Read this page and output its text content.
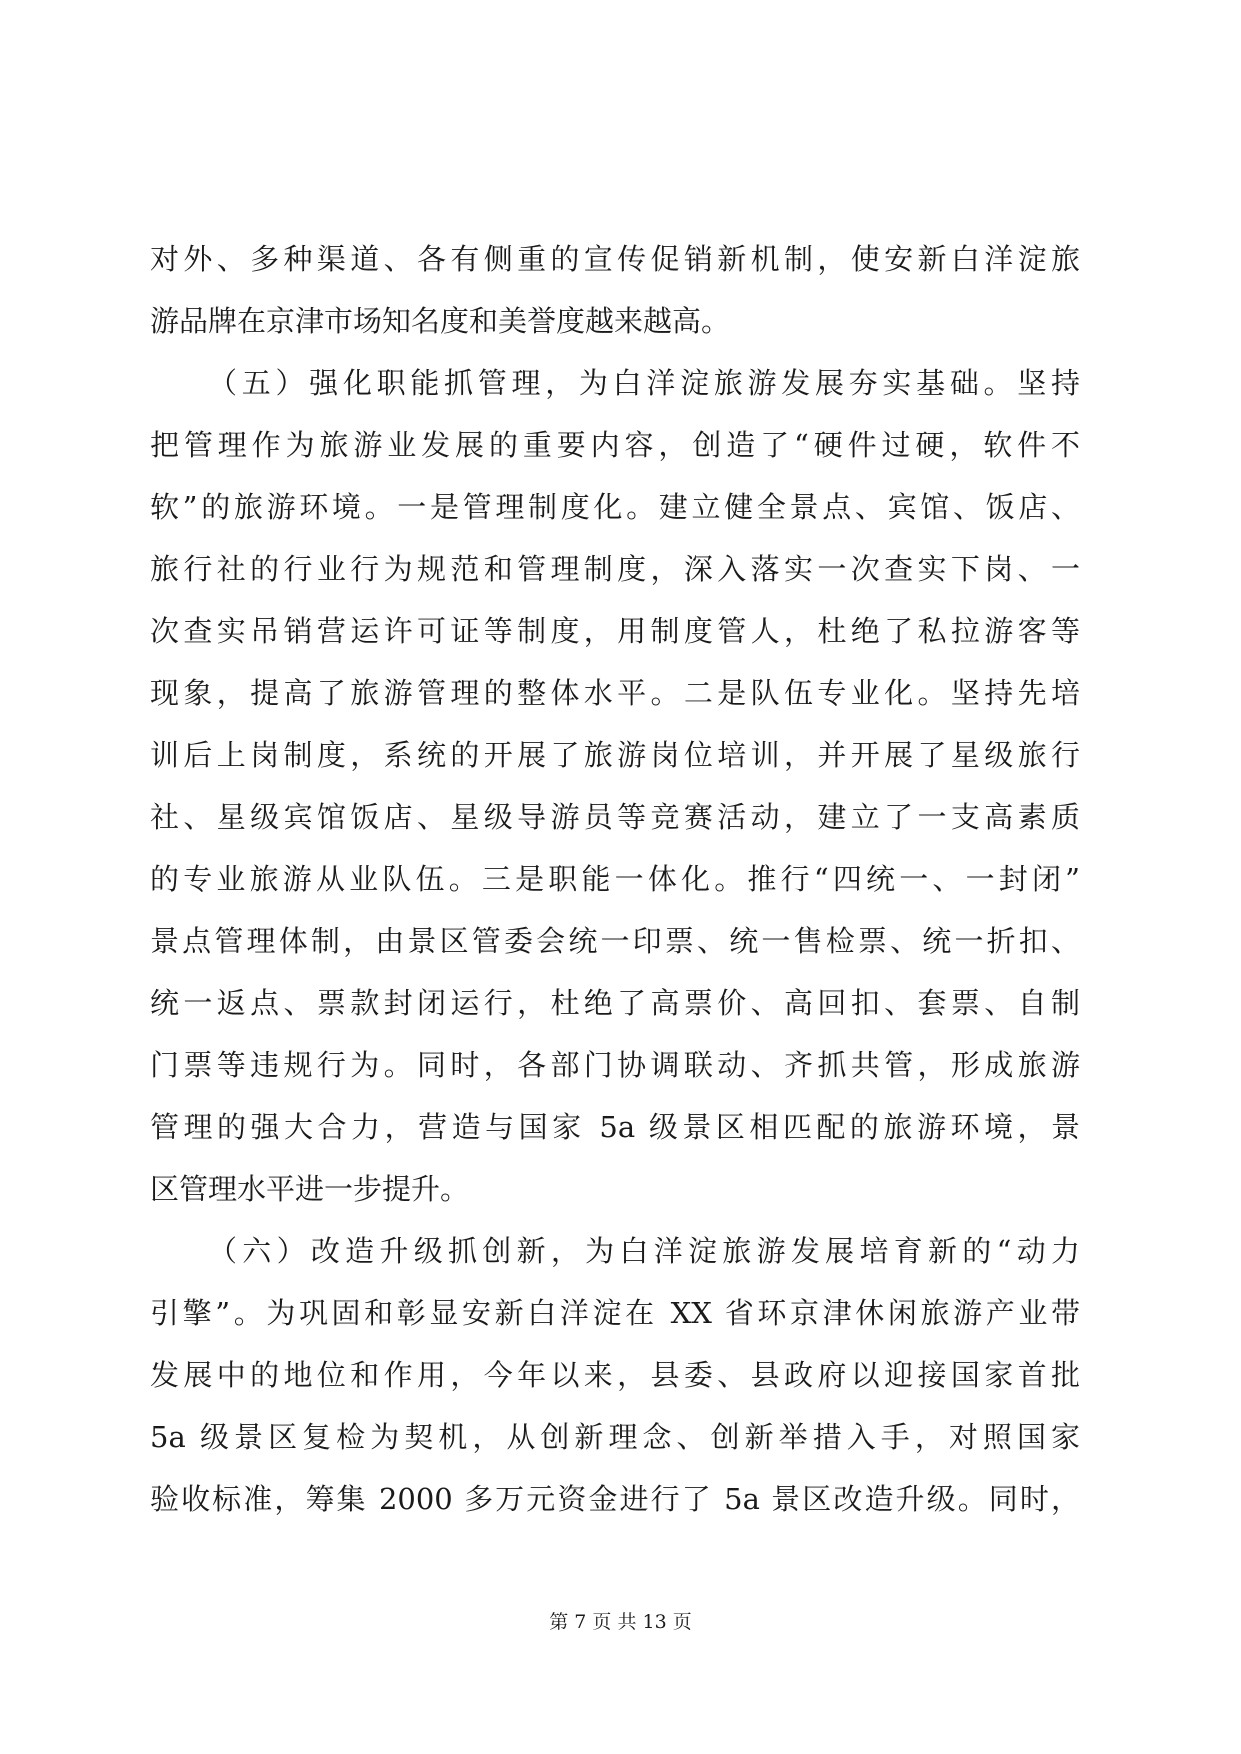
对外、多种渠道、各有侧重的宣传促销新机制，使安新白洋淀旅
游品牌在京津市场知名度和美誉度越来越高。
（五）强化职能抓管理，为白洋淀旅游发展夯实基础。坚持
把管理作为旅游业发展的重要内容，创造了“硬件过硬，软件不
软”的旅游环境。一是管理制度化。建立健全景点、宾馆、饭店、
旅行社的行业行为规范和管理制度，深入落实一次查实下岗、一
次查实吊销营运许可证等制度，用制度管人，杜绝了私拉游客等
现象，提高了旅游管理的整体水平。二是队伍专业化。坚持先培
训后上岗制度，系统的开展了旅游岗位培训，并开展了星级旅行
社、星级宾馆饭店、星级导游员等竞赛活动，建立了一支高素质
的专业旅游从业队伍。三是职能一体化。推行“四统一、一封闭”
景点管理体制，由景区管委会统一印票、统一售检票、统一折扣、
统一返点、票款封闭运行，杜绝了高票价、高回扣、套票、自制
门票等违规行为。同时，各部门协调联动、齐抓共管，形成旅游
管理的强大合力，营造与国家 5a 级景区相匹配的旅游环境，景
区管理水平进一步提升。
（六）改造升级抓创新，为白洋淀旅游发展培育新的“动力
引擎”。为巩固和彰显安新白洋淀在 XX 省环京津休闲旅游产业带
发展中的地位和作用，今年以来，县委、县政府以迎接国家首批
5a 级景区复检为契机，从创新理念、创新举措入手，对照国家
验收标准，筹集 2000 多万元资金进行了 5a 景区改造升级。同时，
第 7 页 共 13 页
